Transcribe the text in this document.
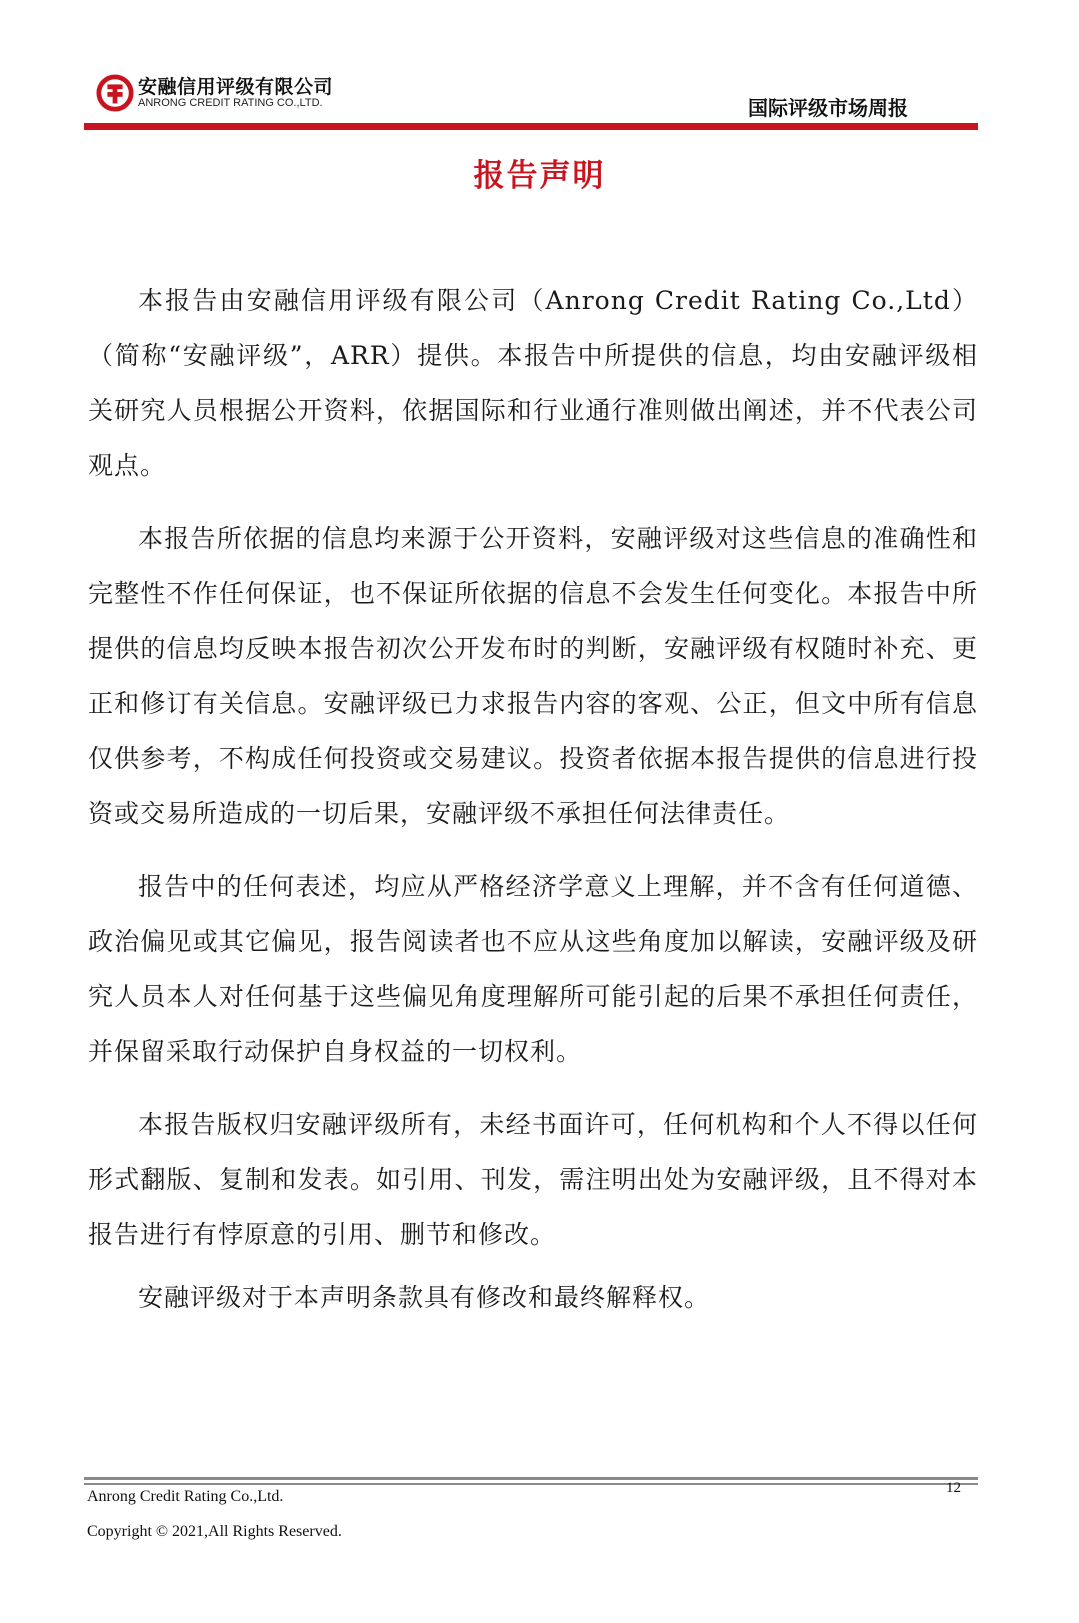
安融信用评级有限公司
ANRONG CREDIT RATING CO.,LTD.	国际评级市场周报
报告声明

本报告由安融信用评级有限公司（Anrong Credit Rating Co.,Ltd）（简称“安融评级”，ARR）提供。本报告中所提供的信息，均由安融评级相关研究人员根据公开资料，依据国际和行业通行准则做出阐述，并不代表公司观点。

本报告所依据的信息均来源于公开资料，安融评级对这些信息的准确性和完整性不作任何保证，也不保证所依据的信息不会发生任何变化。本报告中所提供的信息均反映本报告初次公开发布时的判断，安融评级有权随时补充、更正和修订有关信息。安融评级已力求报告内容的客观、公正，但文中所有信息仅供参考，不构成任何投资或交易建议。投资者依据本报告提供的信息进行投资或交易所造成的一切后果，安融评级不承担任何法律责任。

报告中的任何表述，均应从严格经济学意义上理解，并不含有任何道德、政治偏见或其它偏见，报告阅读者也不应从这些角度加以解读，安融评级及研究人员本人对任何基于这些偏见角度理解所可能引起的后果不承担任何责任，并保留采取行动保护自身权益的一切权利。

本报告版权归安融评级所有，未经书面许可，任何机构和个人不得以任何形式翻版、复制和发表。如引用、刊发，需注明出处为安融评级，且不得对本报告进行有悖原意的引用、删节和修改。

安融评级对于本声明条款具有修改和最终解释权。

Anrong Credit Rating Co.,Ltd.
Copyright © 2021,All Rights Reserved.
12
